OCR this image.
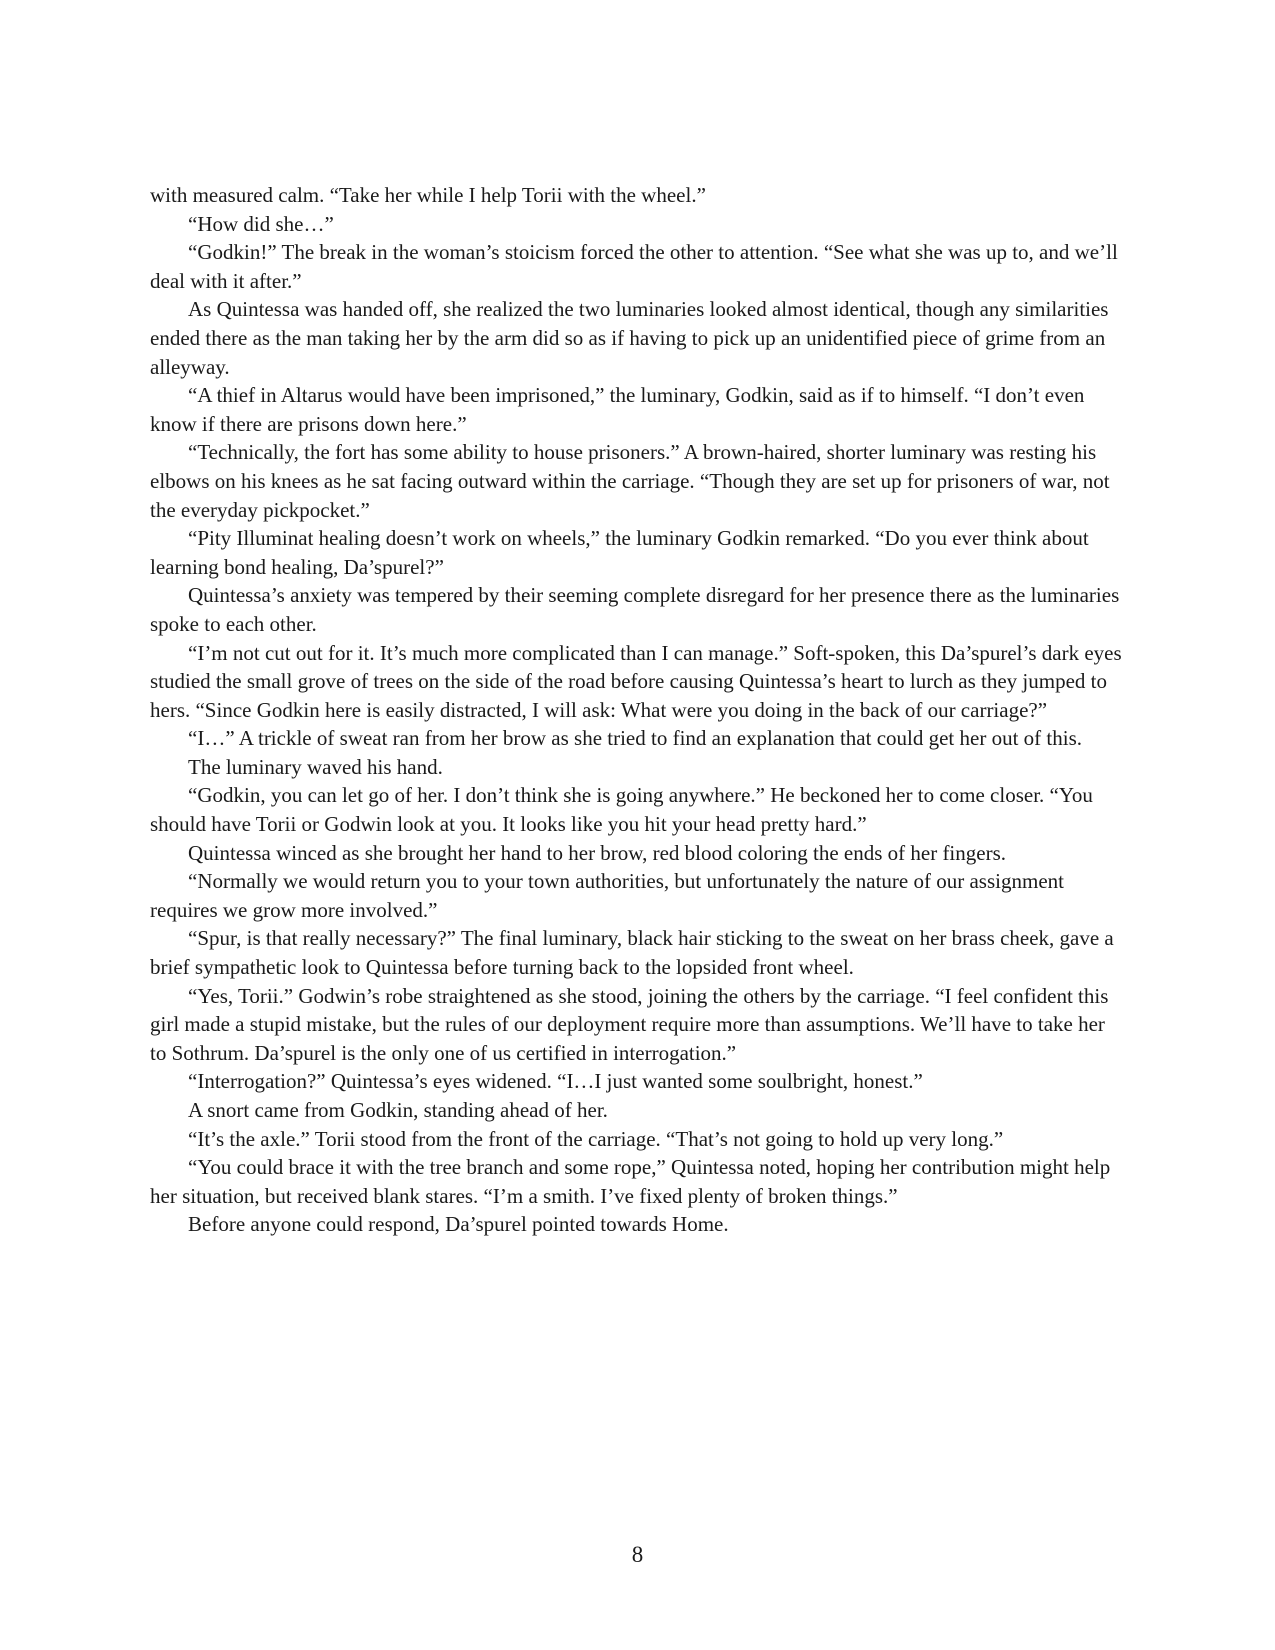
with measured calm. “Take her while I help Torii with the wheel.”

“How did she…”

“Godkin!” The break in the woman’s stoicism forced the other to attention. “See what she was up to, and we’ll deal with it after.”

As Quintessa was handed off, she realized the two luminaries looked almost identical, though any similarities ended there as the man taking her by the arm did so as if having to pick up an unidentified piece of grime from an alleyway.

“A thief in Altarus would have been imprisoned,” the luminary, Godkin, said as if to himself. “I don’t even know if there are prisons down here.”

“Technically, the fort has some ability to house prisoners.” A brown-haired, shorter luminary was resting his elbows on his knees as he sat facing outward within the carriage. “Though they are set up for prisoners of war, not the everyday pickpocket.”

“Pity Illuminat healing doesn’t work on wheels,” the luminary Godkin remarked. “Do you ever think about learning bond healing, Da’spurel?”

Quintessa’s anxiety was tempered by their seeming complete disregard for her presence there as the luminaries spoke to each other.

“I’m not cut out for it. It’s much more complicated than I can manage.” Soft-spoken, this Da’spurel’s dark eyes studied the small grove of trees on the side of the road before causing Quintessa’s heart to lurch as they jumped to hers. “Since Godkin here is easily distracted, I will ask: What were you doing in the back of our carriage?”

“I…” A trickle of sweat ran from her brow as she tried to find an explanation that could get her out of this.

The luminary waved his hand.

“Godkin, you can let go of her. I don’t think she is going anywhere.” He beckoned her to come closer. “You should have Torii or Godwin look at you. It looks like you hit your head pretty hard.”

Quintessa winced as she brought her hand to her brow, red blood coloring the ends of her fingers.

“Normally we would return you to your town authorities, but unfortunately the nature of our assignment requires we grow more involved.”

“Spur, is that really necessary?” The final luminary, black hair sticking to the sweat on her brass cheek, gave a brief sympathetic look to Quintessa before turning back to the lopsided front wheel.

“Yes, Torii.” Godwin’s robe straightened as she stood, joining the others by the carriage. “I feel confident this girl made a stupid mistake, but the rules of our deployment require more than assumptions. We’ll have to take her to Sothrum. Da’spurel is the only one of us certified in interrogation.”

“Interrogation?” Quintessa’s eyes widened. “I…I just wanted some soulbright, honest.”

A snort came from Godkin, standing ahead of her.

“It’s the axle.” Torii stood from the front of the carriage. “That’s not going to hold up very long.”

“You could brace it with the tree branch and some rope,” Quintessa noted, hoping her contribution might help her situation, but received blank stares. “I’m a smith. I’ve fixed plenty of broken things.”

Before anyone could respond, Da’spurel pointed towards Home.

8
